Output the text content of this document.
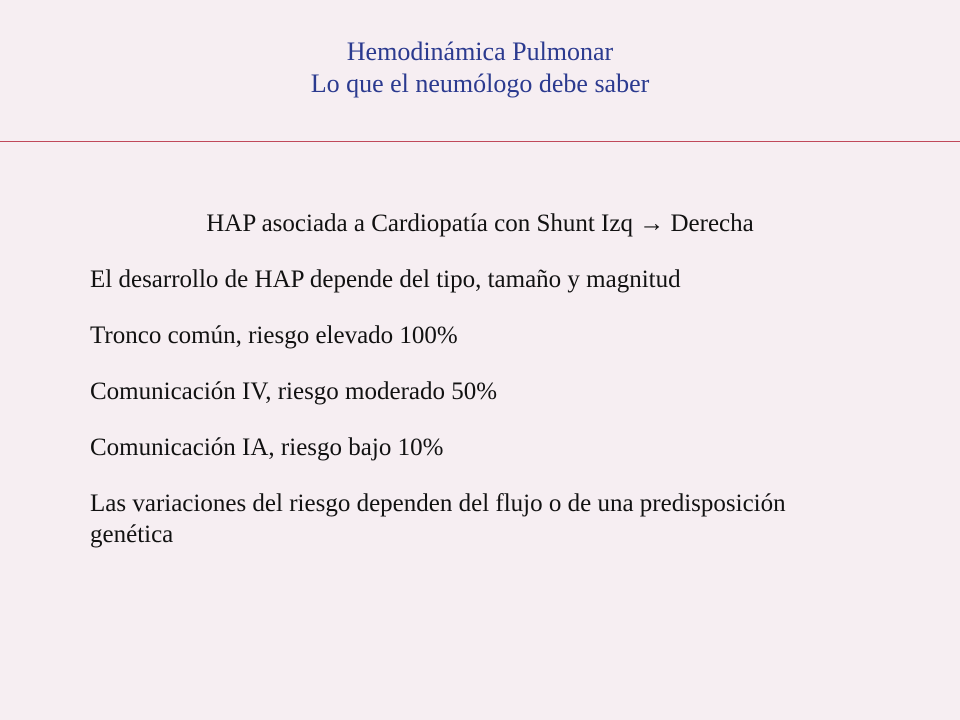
Hemodinámica Pulmonar
Lo que el neumólogo debe saber
HAP asociada a Cardiopatía con Shunt Izq → Derecha
El desarrollo de HAP depende del tipo, tamaño y magnitud
Tronco común, riesgo elevado 100%
Comunicación IV, riesgo moderado 50%
Comunicación IA, riesgo bajo 10%
Las variaciones del riesgo dependen del flujo o de una predisposición genética
